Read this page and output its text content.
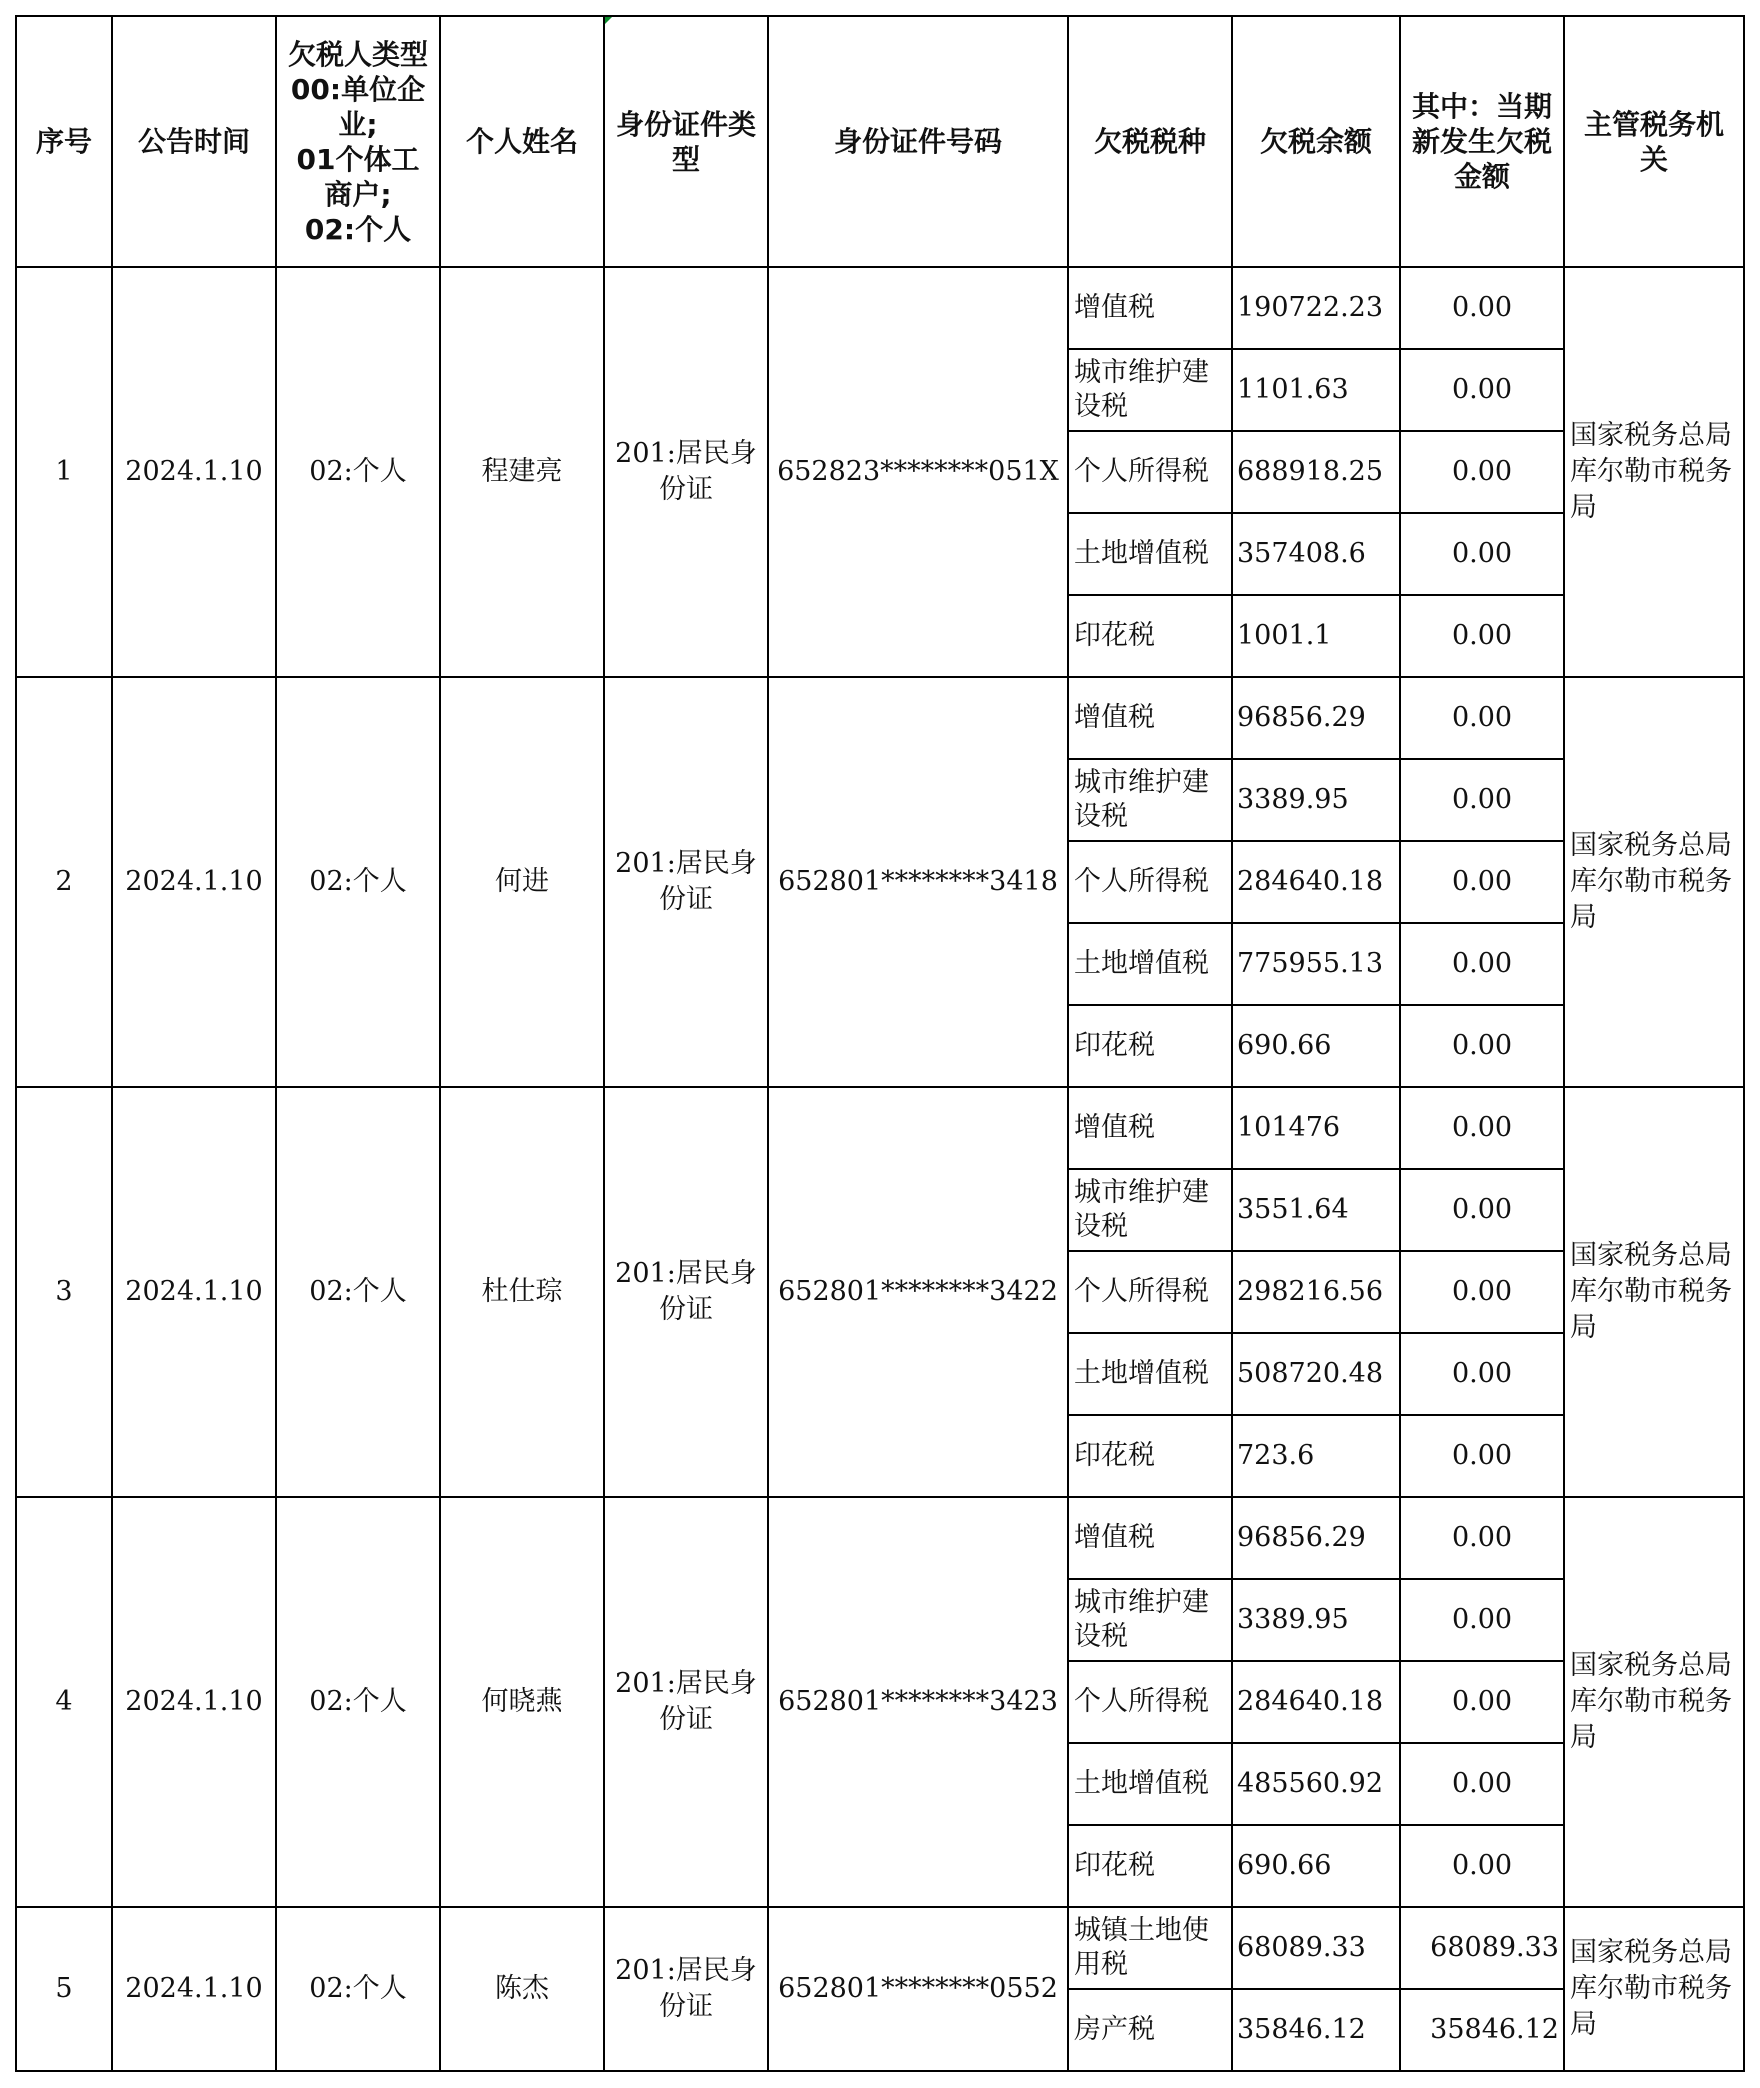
序号	公告时间	欠税人类型
00:单位企业;
01个体工商户;
02:个人	个人姓名	身份证件类型	身份证件号码	欠税税种	欠税余额	其中：当期
新发生欠税金额	主管税务机关
1	2024.1.10	02:个人	程建亮	201:居民身份证	652823********051X	增值税	190722.23	0.00	国家税务总局库尔勒市税务局
						城市维护建设税	1101.63	0.00	
						个人所得税	688918.25	0.00	
						土地增值税	357408.6	0.00	
						印花税	1001.1	0.00	
2	2024.1.10	02:个人	何进	201:居民身份证	652801********3418	增值税	96856.29	0.00	国家税务总局库尔勒市税务局
						城市维护建设税	3389.95	0.00	
						个人所得税	284640.18	0.00	
						土地增值税	775955.13	0.00	
						印花税	690.66	0.00	
3	2024.1.10	02:个人	杜仕琮	201:居民身份证	652801********3422	增值税	101476	0.00	国家税务总局库尔勒市税务局
						城市维护建设税	3551.64	0.00	
						个人所得税	298216.56	0.00	
						土地增值税	508720.48	0.00	
						印花税	723.6	0.00	
4	2024.1.10	02:个人	何晓燕	201:居民身份证	652801********3423	增值税	96856.29	0.00	国家税务总局库尔勒市税务局
						城市维护建设税	3389.95	0.00	
						个人所得税	284640.18	0.00	
						土地增值税	485560.92	0.00	
						印花税	690.66	0.00	
5	2024.1.10	02:个人	陈杰	201:居民身份证	652801********0552	城镇土地使用税	68089.33	68089.33	国家税务总局库尔勒市税务局
						房产税	35846.12	35846.12	
